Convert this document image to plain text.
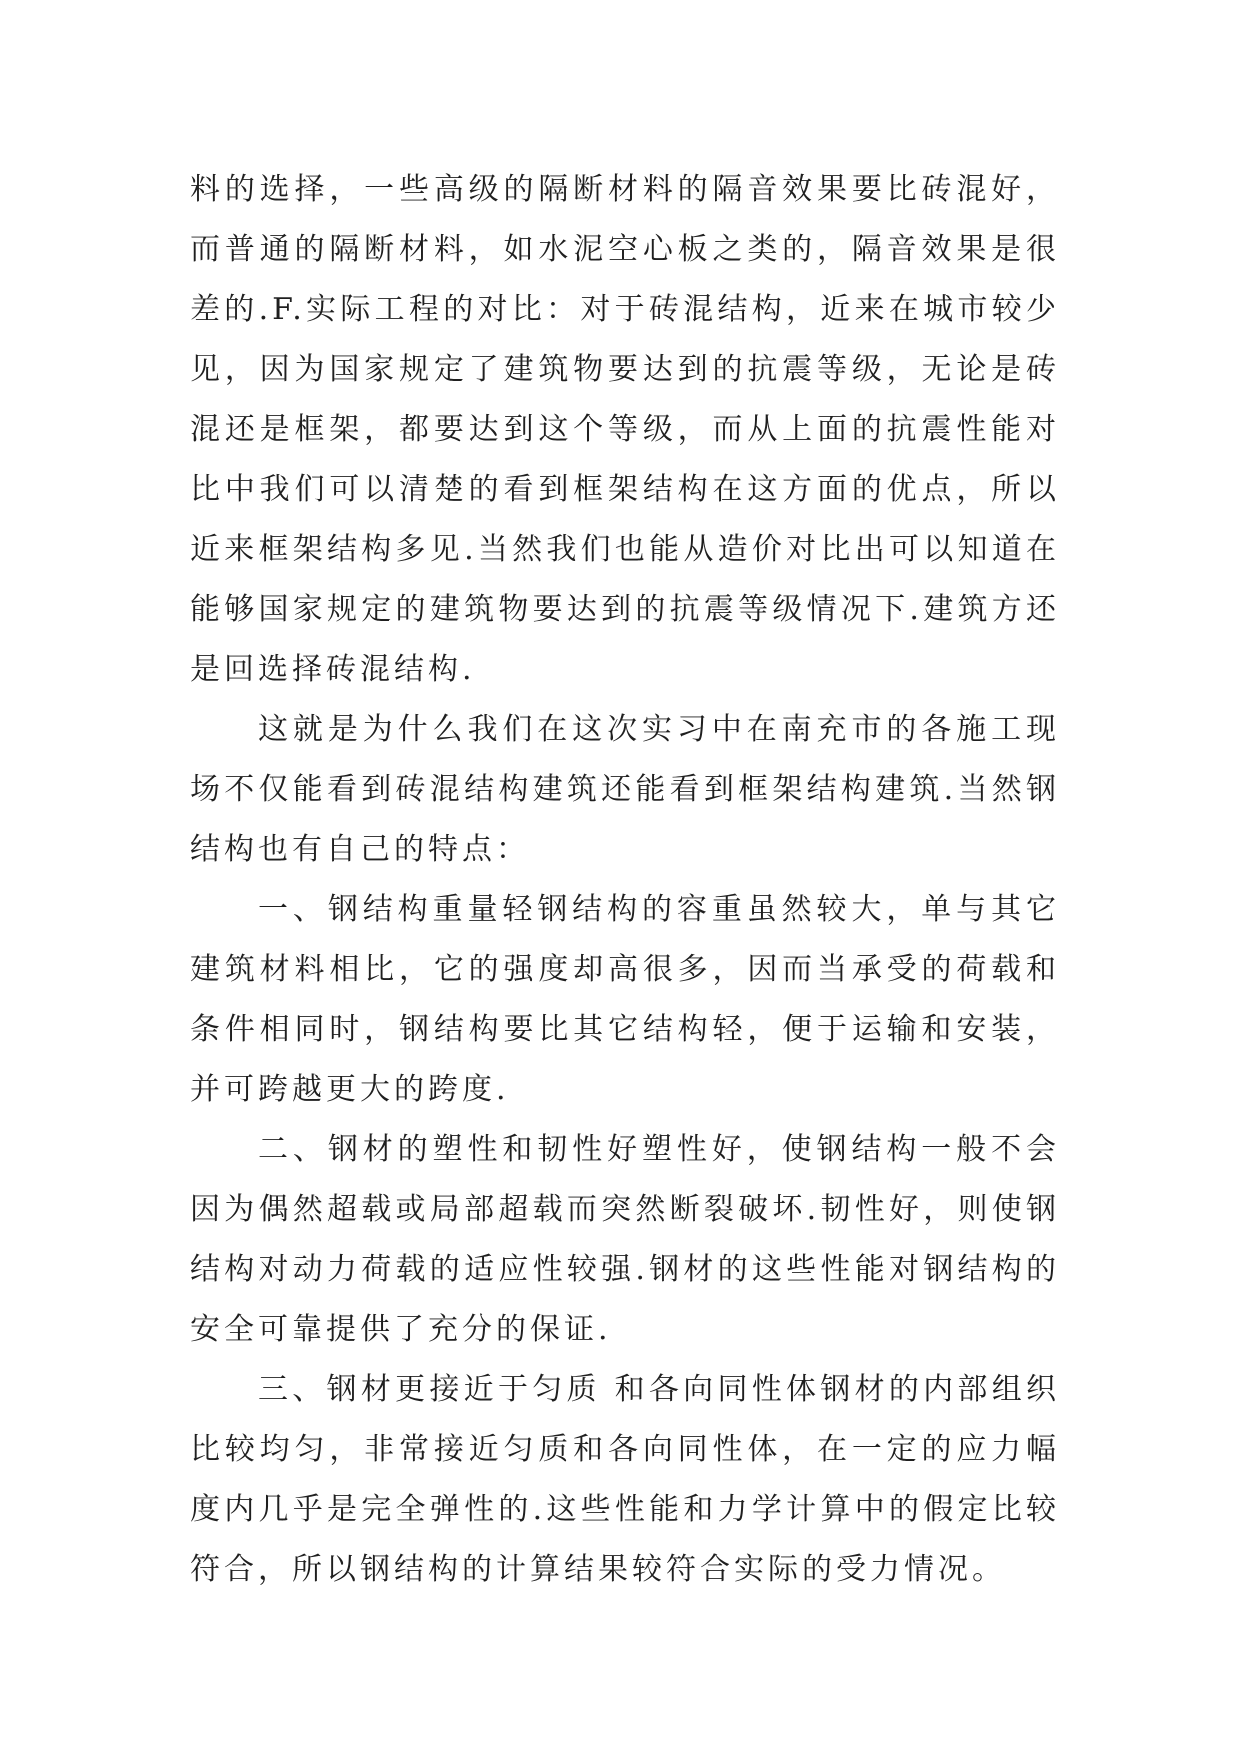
料的选择，一些高级的隔断材料的隔音效果要比砖混好，而普通的隔断材料，如水泥空心板之类的，隔音效果是很差的.F.实际工程的对比：对于砖混结构，近来在城市较少见，因为国家规定了建筑物要达到的抗震等级，无论是砖混还是框架，都要达到这个等级，而从上面的抗震性能对比中我们可以清楚的看到框架结构在这方面的优点，所以近来框架结构多见.当然我们也能从造价对比出可以知道在能够国家规定的建筑物要达到的抗震等级情况下.建筑方还是回选择砖混结构.

这就是为什么我们在这次实习中在南充市的各施工现场不仅能看到砖混结构建筑还能看到框架结构建筑.当然钢结构也有自己的特点：

一、钢结构重量轻钢结构的容重虽然较大，单与其它建筑材料相比，它的强度却高很多，因而当承受的荷载和条件相同时，钢结构要比其它结构轻，便于运输和安装，并可跨越更大的跨度.

二、钢材的塑性和韧性好塑性好，使钢结构一般不会因为偶然超载或局部超载而突然断裂破坏.韧性好，则使钢结构对动力荷载的适应性较强.钢材的这些性能对钢结构的安全可靠提供了充分的保证.

三、钢材更接近于匀质 和各向同性体钢材的内部组织比较均匀，非常接近匀质和各向同性体，在一定的应力幅度内几乎是完全弹性的.这些性能和力学计算中的假定比较符合，所以钢结构的计算结果较符合实际的受力情况。
